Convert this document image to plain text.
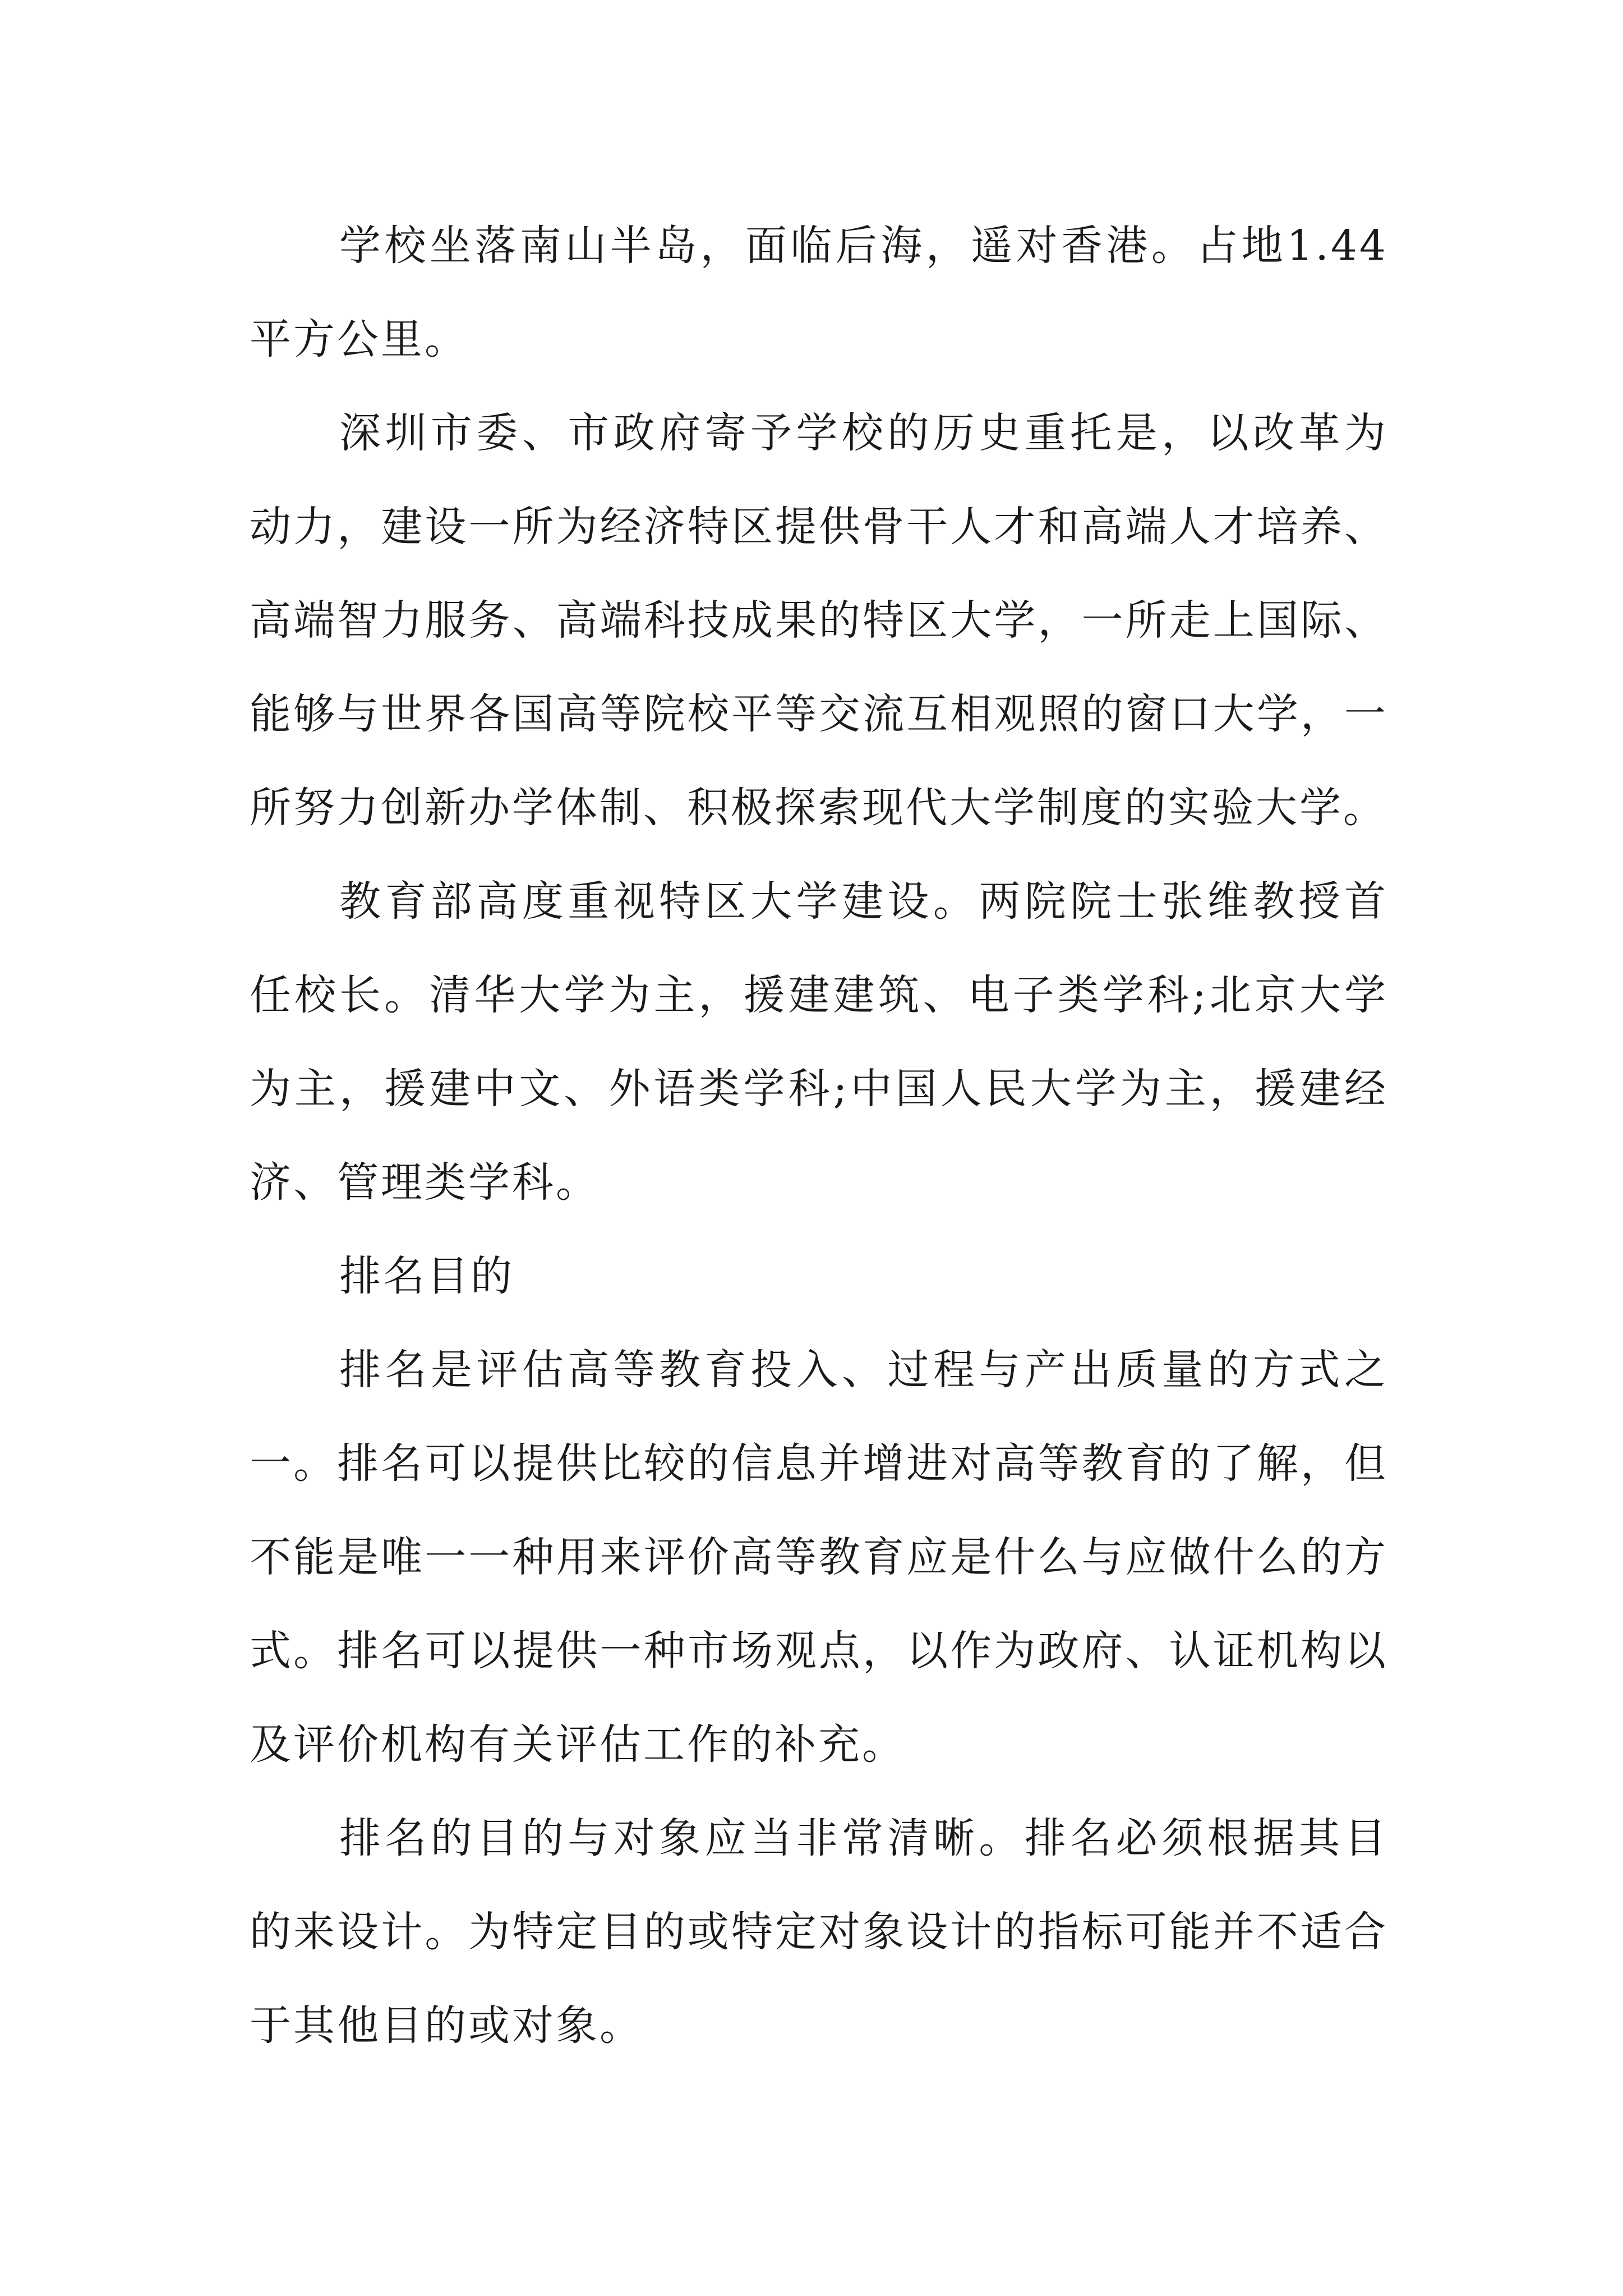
学校坐落南山半岛，面临后海，遥对香港。占地1.44平方公里。

深圳市委、市政府寄予学校的历史重托是，以改革为动力，建设一所为经济特区提供骨干人才和高端人才培养、高端智力服务、高端科技成果的特区大学，一所走上国际、能够与世界各国高等院校平等交流互相观照的窗口大学，一所努力创新办学体制、积极探索现代大学制度的实验大学。

教育部高度重视特区大学建设。两院院士张维教授首任校长。清华大学为主，援建建筑、电子类学科;北京大学为主，援建中文、外语类学科;中国人民大学为主，援建经济、管理类学科。

排名目的

排名是评估高等教育投入、过程与产出质量的方式之一。排名可以提供比较的信息并增进对高等教育的了解，但不能是唯一一种用来评价高等教育应是什么与应做什么的方式。排名可以提供一种市场观点，以作为政府、认证机构以及评价机构有关评估工作的补充。

排名的目的与对象应当非常清晰。排名必须根据其目的来设计。为特定目的或特定对象设计的指标可能并不适合于其他目的或对象。
